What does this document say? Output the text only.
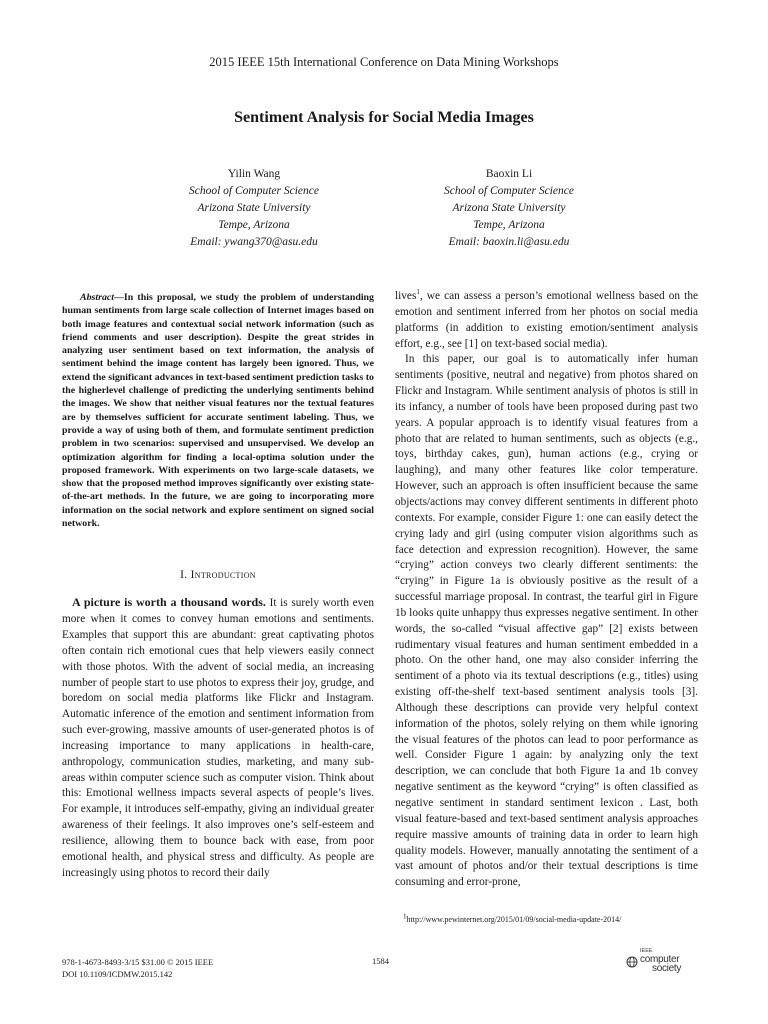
2015 IEEE 15th International Conference on Data Mining Workshops
Sentiment Analysis for Social Media Images
Yilin Wang
School of Computer Science
Arizona State University
Tempe, Arizona
Email: ywang370@asu.edu
Baoxin Li
School of Computer Science
Arizona State University
Tempe, Arizona
Email: baoxin.li@asu.edu

Abstract—In this proposal, we study the problem of understanding human sentiments from large scale collection of Internet images based on both image features and contextual social network information (such as friend comments and user description). Despite the great strides in analyzing user sentiment based on text information, the analysis of sentiment behind the image content has largely been ignored. Thus, we extend the significant advances in text-based sentiment prediction tasks to the higherlevel challenge of predicting the underlying sentiments behind the images. We show that neither visual features nor the textual features are by themselves sufficient for accurate sentiment labeling. Thus, we provide a way of using both of them, and formulate sentiment prediction problem in two scenarios: supervised and unsupervised. We develop an optimization algorithm for finding a local-optima solution under the proposed framework. With experiments on two large-scale datasets, we show that the proposed method improves significantly over existing state-of-the-art methods. In the future, we are going to incorporating more information on the social network and explore sentiment on signed social network.

I. Introduction

A picture is worth a thousand words. It is surely worth even more when it comes to convey human emotions and sentiments. Examples that support this are abundant: great captivating photos often contain rich emotional cues that help viewers easily connect with those photos. With the advent of social media, an increasing number of people start to use photos to express their joy, grudge, and boredom on social media platforms like Flickr and Instagram. Automatic inference of the emotion and sentiment information from such ever-growing, massive amounts of user-generated photos is of increasing importance to many applications in health-care, anthropology, communication studies, marketing, and many sub-areas within computer science such as computer vision. Think about this: Emotional wellness impacts several aspects of people’s lives. For example, it introduces self-empathy, giving an individual greater awareness of their feelings. It also improves one’s self-esteem and resilience, allowing them to bounce back with ease, from poor emotional health, and physical stress and difficulty. As people are increasingly using photos to record their daily

lives$^1$, we can assess a person’s emotional wellness based on the emotion and sentiment inferred from her photos on social media platforms (in addition to existing emotion/sentiment analysis effort, e.g., see [1] on text-based social media).

In this paper, our goal is to automatically infer human sentiments (positive, neutral and negative) from photos shared on Flickr and Instagram. While sentiment analysis of photos is still in its infancy, a number of tools have been proposed during past two years. A popular approach is to identify visual features from a photo that are related to human sentiments, such as objects (e.g., toys, birthday cakes, gun), human actions (e.g., crying or laughing), and many other features like color temperature. However, such an approach is often insufficient because the same objects/actions may convey different sentiments in different photo contexts. For example, consider Figure 1: one can easily detect the crying lady and girl (using computer vision algorithms such as face detection and expression recognition). However, the same “crying” action conveys two clearly different sentiments: the “crying” in Figure 1a is obviously positive as the result of a successful marriage proposal. In contrast, the tearful girl in Figure 1b looks quite unhappy thus expresses negative sentiment. In other words, the so-called “visual affective gap” [2] exists between rudimentary visual features and human sentiment embedded in a photo. On the other hand, one may also consider inferring the sentiment of a photo via its textual descriptions (e.g., titles) using existing off-the-shelf text-based sentiment analysis tools [3]. Although these descriptions can provide very helpful context information of the photos, solely relying on them while ignoring the visual features of the photos can lead to poor performance as well. Consider Figure 1 again: by analyzing only the text description, we can conclude that both Figure 1a and 1b convey negative sentiment as the keyword “crying” is often classified as negative sentiment in standard sentiment lexicon . Last, both visual feature-based and text-based sentiment analysis approaches require massive amounts of training data in order to learn high quality models. However, manually annotating the sentiment of a vast amount of photos and/or their textual descriptions is time consuming and error-prone,

$^1$http://www.pewinternet.org/2015/01/09/social-media-update-2014/
978-1-4673-8493-3/15 $31.00 © 2015 IEEE
DOI 10.1109/ICDMW.2015.142
1584
IEEE
computer
society
